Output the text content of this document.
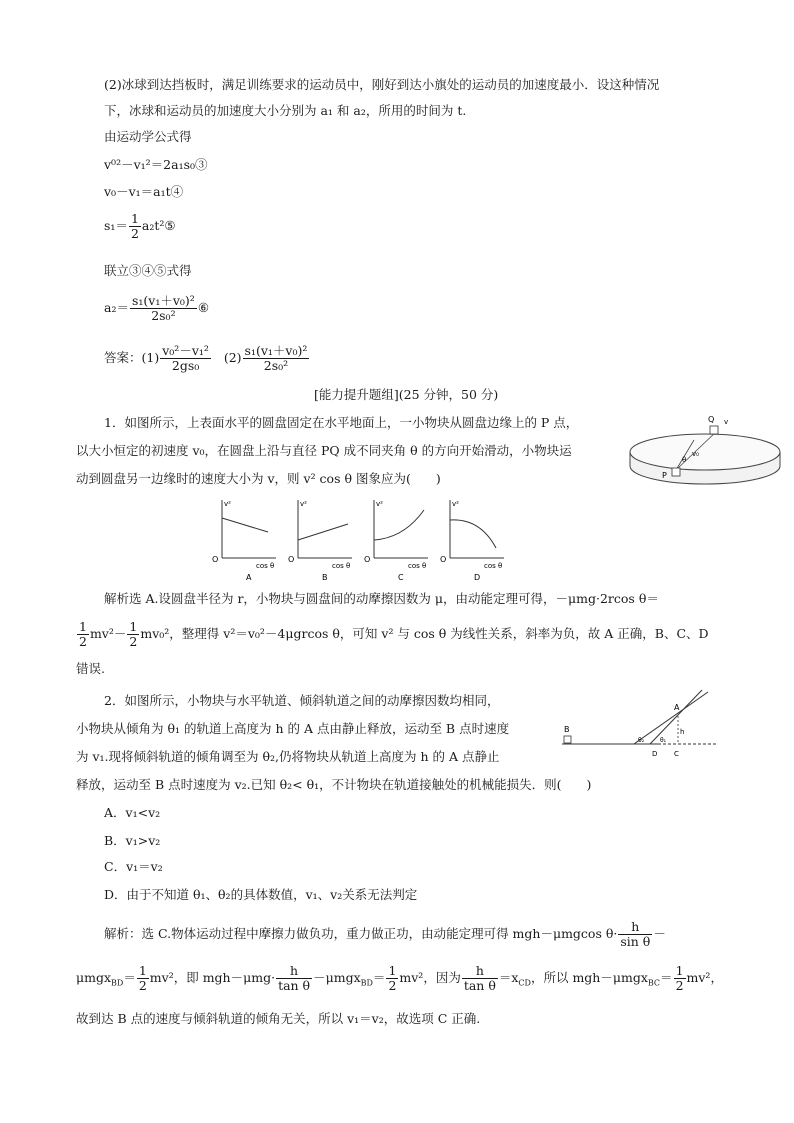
(2)冰球到达挡板时，满足训练要求的运动员中，刚好到达小旗处的运动员的加速度最小．设这种情况
下，冰球和运动员的加速度大小分别为 a₁ 和 a₂，所用的时间为 t.
由运动学公式得
v⁰²－v₁²＝2a₁s₀③
v₀－v₁＝a₁t④
$s_1= \frac{1}{2}$ a₂t²⑤
联立③④⑤式得
$a_2= \frac{\text{s₁(v₁＋v₀)²}}{\text{2s₀²}}$ ⑥
答案：$(1) \frac{\text{v₀²－v₁²}}{\text{2gs₀}} (2) \frac{\text{s₁(v₁＋v₀)²}}{\text{2s₀²}}$
[能力提升题组](25 分钟，50 分)
1．如图所示，上表面水平的圆盘固定在水平地面上，一小物块从圆盘边缘上的 P 点，
以大小恒定的初速度 v₀，在圆盘上沿与直径 PQ 成不同夹角 θ 的方向开始滑动，小物块运
动到圆盘另一边缘时的速度大小为 v，则 v² cos θ 图象应为(　　)
Q
P
v
v₀
θ
v²
cos θ
O
A
v²
cos θ
O
B
v²
cos θ
O
C
v²
cos θ
O
D
解析选 A.设圆盘半径为 r，小物块与圆盘间的动摩擦因数为 μ，由动能定理可得，－μmg·2rcos θ＝
$\frac{1}{2} mv^2- \frac{1}{2} mv_0^2$，整理得 v²＝v₀²－4μgrcos θ，可知 v² 与 cos θ 为线性关系，斜率为负，故 A 正确，B、C、D
错误.
2．如图所示，小物块与水平轨道、倾斜轨道之间的动摩擦因数均相同，
小物块从倾角为 θ₁ 的轨道上高度为 h 的 A 点由静止释放，运动至 B 点时速度
为 v₁.现将倾斜轨道的倾角调至为 θ₂,仍将物块从轨道上高度为 h 的 A 点静止
释放，运动至 B 点时速度为 v₂.已知 θ₂< θ₁，不计物块在轨道接触处的机械能损失．则(　　)
B
A
h
D C
θ₂	θ₁
A．v₁<v₂
B．v₁>v₂
C．v₁＝v₂
D．由于不知道 θ₁、θ₂的具体数值，v₁、v₂关系无法判定
解析：选 C.物体运动过程中摩擦力做负功，重力做正功，由动能定理可得 mgh－μmgcos $\theta\cdot \frac{h}{\text{sin θ}}$ －
$\mu mgx_{BD}= \frac{1}{2} mv^2$，即 $mgh-\mu mg\cdot \frac{h}{\text{tan θ}} -\mu mgx_{BD}= \frac{1}{2} mv^2$，因为 $\frac{h}{\text{tan θ}} =x_{CD}$，所以 $mgh-\mu mgx_{BC}= \frac{1}{2} mv^2$，
故到达 B 点的速度与倾斜轨道的倾角无关，所以 v₁＝v₂，故选项 C 正确.
